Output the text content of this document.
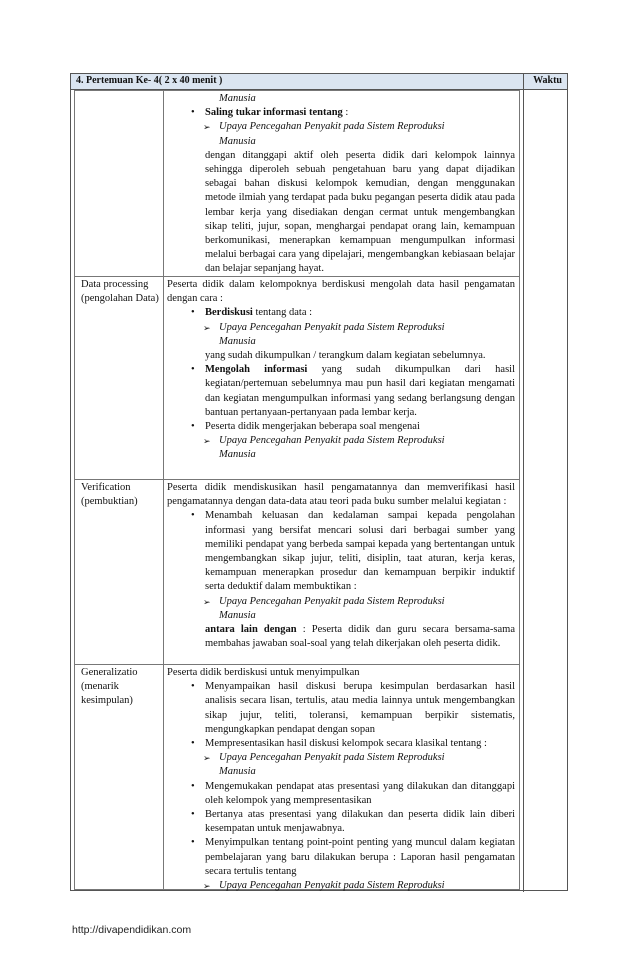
4. Pertemuan Ke- 4( 2 x 40 menit )	Waktu

Manusia

• Saling tukar informasi tentang :

➢ Upaya Pencegahan Penyakit pada Sistem Reproduksi

Manusia

dengan ditanggapi aktif oleh peserta didik dari kelompok lainnya sehingga diperoleh sebuah pengetahuan baru yang dapat dijadikan sebagai bahan diskusi kelompok kemudian, dengan menggunakan metode ilmiah yang terdapat pada buku pegangan peserta didik atau pada lembar kerja yang disediakan dengan cermat untuk mengembangkan sikap teliti, jujur, sopan, menghargai pendapat orang lain, kemampuan berkomunikasi, menerapkan kemampuan mengumpulkan informasi melalui berbagai cara yang dipelajari, mengembangkan kebiasaan belajar dan belajar sepanjang hayat.

Data processing (pengolahan Data)

Peserta didik dalam kelompoknya berdiskusi mengolah data hasil pengamatan dengan cara :

• Berdiskusi tentang data :

➢ Upaya Pencegahan Penyakit pada Sistem Reproduksi

Manusia

yang sudah dikumpulkan / terangkum dalam kegiatan sebelumnya.

• Mengolah informasi yang sudah dikumpulkan dari hasil kegiatan/pertemuan sebelumnya mau pun hasil dari kegiatan mengamati dan kegiatan mengumpulkan informasi yang sedang berlangsung dengan bantuan pertanyaan-pertanyaan pada lembar kerja.

• Peserta didik mengerjakan beberapa soal mengenai

➢ Upaya Pencegahan Penyakit pada Sistem Reproduksi

Manusia

Verification (pembuktian)

Peserta didik mendiskusikan hasil pengamatannya dan memverifikasi hasil pengamatannya dengan data-data atau teori pada buku sumber melalui kegiatan :

• Menambah keluasan dan kedalaman sampai kepada pengolahan informasi yang bersifat mencari solusi dari berbagai sumber yang memiliki pendapat yang berbeda sampai kepada yang bertentangan untuk mengembangkan sikap jujur, teliti, disiplin, taat aturan, kerja keras, kemampuan menerapkan prosedur dan kemampuan berpikir induktif serta deduktif dalam membuktikan :

➢ Upaya Pencegahan Penyakit pada Sistem Reproduksi

Manusia

antara lain dengan : Peserta didik dan guru secara bersama-sama membahas jawaban soal-soal yang telah dikerjakan oleh peserta didik.

Generalizatio (menarik kesimpulan)

Peserta didik berdiskusi untuk menyimpulkan

• Menyampaikan hasil diskusi berupa kesimpulan berdasarkan hasil analisis secara lisan, tertulis, atau media lainnya untuk mengembangkan sikap jujur, teliti, toleransi, kemampuan berpikir sistematis, mengungkapkan pendapat dengan sopan

• Mempresentasikan hasil diskusi kelompok secara klasikal tentang :

➢ Upaya Pencegahan Penyakit pada Sistem Reproduksi

Manusia

• Mengemukakan pendapat atas presentasi yang dilakukan dan ditanggapi oleh kelompok yang mempresentasikan

• Bertanya atas presentasi yang dilakukan dan peserta didik lain diberi kesempatan untuk menjawabnya.

• Menyimpulkan tentang point-point penting yang muncul dalam kegiatan pembelajaran yang baru dilakukan berupa : Laporan hasil pengamatan secara tertulis tentang

➢ Upaya Pencegahan Penyakit pada Sistem Reproduksi

http://divapendidikan.com
